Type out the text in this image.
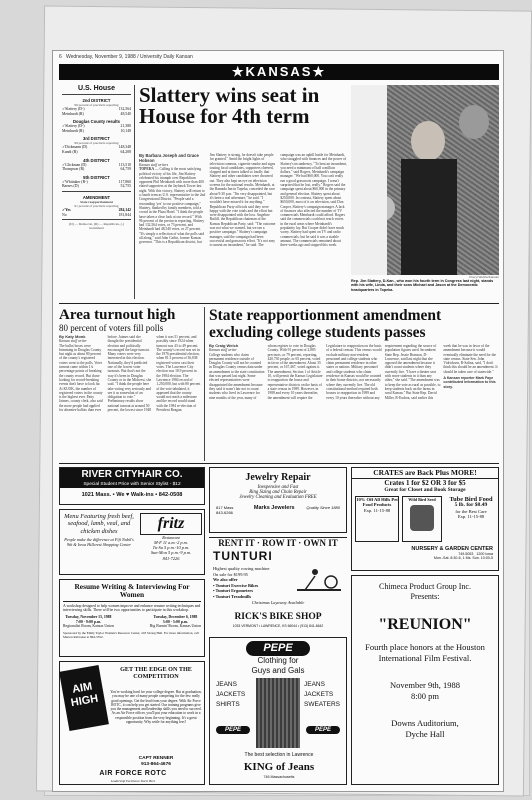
6 Wednesday, November 9, 1988 / University Daily Kansan
★KANSAS★
U.S. House
2nd DISTRICT
96 percent of precincts reporting
✓Slattery (D-)	132,564
Meinhardt (R)	48,540
Douglas County results
✓Slattery (D-)	21,380
Meinhardt (R)	10,148
3rd DISTRICT
99 percent of precincts reporting
✓Dickmann (D)	148,348
Kundt (R)	64,208
4th DISTRICT
✓Glickman (D)	113,510
Thompson (R)	64,759
5th DISTRICT
✓Whittaker (R-)	117,860
Barnes (D)	52,755
AMENDMENT
State reapportionment
91 percent of precincts reporting
✓Yes	284,142
No	181,844
(D) — Democrat, (R) — Republican, (-) incumbent
Slattery wins seat in House for 4th term
By Barbara Joseph and Grace Hobson
Kansan staff writers
TOPEKA — Calling it the most satisfying political victory of his life, Jim Slattery celebrated his triumph over Republican opponent Phil Meinhardt with more than 400 elated supporters at the Jayhawk Tower last night. With this victory, Slattery will return to a fourth term as U.S. representative to the 2nd Congressional District. "People said a resounding 'yes' to our positive campaign," Slattery, flanked by family members, told a crowd in the Plaza Hotel. "I think the people have taken a clear look at our record." With 96 percent of the precincts reporting, Slattery had 132,564 votes, or 73 percent, and Meinhardt had 48,540 votes, or 27 percent. "It's simply a reflection of what the polls said all along," said John Carlin, former Kansas governor. "This is a Republican district, but Jim Slattery is strong, he doesn't take people for granted." Amid the bright lights of television cameras, cigarette smoke and signs touting local candidates, supporters cheered, clapped and at times talked so loudly that Slattery and other candidates were drowned out. They also kept an eye on television screens for the national results. Meinhardt, at the Ramada Inn in Topeka, conceded the race about 9:30 p.m. "I'm very disappointed, but it's been a real adventure," he said. "I wouldn't have missed it for anything." Republican Party officials said they were happy with the vote totals and the effort but were disappointed with the loss. Angeline Ratliff, the Republican chairman of the Kansas Republican Party, said: "The outcome was not what we wanted, but we ran a positive campaign." Slattery's campaign manager, said the campaign had been successful and grassroots effort. "It's not easy to unseat an incumbent," he said. The campaign was an uphill battle for Meinhardt, who struggled with finances and the power of Slattery's incumbency. "To beat an incumbent, you need a minimum of half a million dollars," said Rogers, Meinhardt's campaign manager. "We had $60,000. You can't really run a good grassroots campaign. I wasn't surprised that he lost, really." Rogers said the campaign spent about $60,000 in the primary and general election. Slattery spent about $250,000. In contrast, Slattery spent about $650,000, most of it on television, said Don Cooper, Slattery's campaign manager. A lack of finances also affected the number of TV commercials Meinhardt could afford. Rogers said the commercials could not reach voters in the rural areas where Meinhardt's popularity lay. But Cooper didn't have much worry. Slattery had spent on TV and radio commercials, but he said it was a sizable amount. The commercials remained about three weeks ago and stopped this week.
Cheryl Wehrle/Kansan
Rep. Jim Slattery, D-Kan., who won his fourth term in Congress last night, stands with his wife, Linda, and their sons Michael and Jason at the Democratic headquarters in Topeka.
Area turnout high
80 percent of voters fill polls
By Katy Monk
Kansan staff writer
The ballot boxes were brimming in Douglas County last night as about 80 percent of the county's registered voters went to the polls. Voter turnout came within 1¼ percentage points of breaking the county record. But those looking for record-breaking events don't have to look far. At KUOK, the number of registered voters in the county is the highest ever. Patty Jaimes, county clerk, also said the more people had applied for absentee ballots than ever before. Jaimes said she thought the presidential election and politically encouraged the large turnout. Many voters were very interested in this election. Nationally, they'd predicted one of the lowest voter turnouts. But that's not the way it's been in Douglas County or in the Midwest, she said. "I think the people here take voting very seriously and see it as somewhat of an obligation to vote." Preliminary results show national turnout at around 50 percent, the lowest since 1948 when it was 51 percent, and possibly since 1924 when turnout was 43 to 49 percent. The county's record was set in the 1976 presidential election, when 81.3 percent of 36,838 registered voters cast their votes. The Lawrence City election was 18.9 percent in the 1984 election. The Lawrence 1984 record of 1,250,000, but with 80 percent of the vote tabulated, it appeared that the county would not reach a milestone and the record would stand with the 1984 re-election of President Reagan.
State reapportionment amendment excluding college students passes
By Craig Welch
Kansan staff writer
College students who claim permanent residence outside of Douglas County will not be counted in Douglas County census data under an amendment to the state constitution that was passed last night. Some elected representatives were disappointed the amendment because they said it wasn't fair not to count students who lived in Lawrence for nine months of the year, many of whom register to vote in Douglas County. With 91 percent of 2,885 precincts, or 79 percent, reporting, 420,730 people, or 65 percent, voted in favor of the amendment. About 35 percent, or 167,467, voted against it. The amendment, Section 1 of Article 10, will permit the Kansas Legislature to reapportion the house and representative districts on the basis of a state census in 1989. However, in 1988 and every 10 years thereafter, the amendment will require the Legislature to reapportion on the basis of a federal census. This census would exclude military non-resident personnel and college students who claim permanent residence in other states or nations. Military personnel and college students who claim residence in Kansas would be counted in their home districts, not necessarily where they currently live. The old constitutional method required both houses to reapportion in 1989 and every 10 years thereafter without any requirement regarding the source of population figures used. Incumbent State Rep. Jessie Branson, D-Lawrence, said last night that she opposed the amendment because it didn't count students where they currently live. "I have a theater seat with more students in it than any other," she said. "The amendment was to keep the vote as rural as possible, to keep students back on the farms in rural Kansas." But State Rep. David Miller, R-Eudora, said earlier this week that he was in favor of the amendment because it would eventually eliminate the need for the state census. State Sen. John Vidricksen, R-Salina, said, "I don't think this should be an amendment. It should be taken care of statewide."
A Kansan reporter Mark Faye contributed information to this story.
RIVER CITYHAIR CO.
Special Student Price with Senior Stylist - $12
1021 Mass. • We ♥ Walk-ins • 842-0508
Menu Featuring fresh beef, seafood, lamb, veal, and chicken dishes
People make the difference at Fifi Nabil's 9th & Iowa Hillcrest Shopping Center
fritz
Restaurant
M-F 11 a.m.-2 p.m.
Tu-Sa 5 p.m.-10 p.m.
Sun-Mon 5 p.m.-9 p.m.
841-7226
Jewelry Repair
Inexpensive and Fast
Ring Sizing and Chain Repair
Jewelry Cleaning and Evaluation FREE
817 Mass 843-6266
Marks Jewelers	Quality Since 1880
CRATES are Back Plus MORE!
Crates 1 for $2 OR 3 for $5
Great for Closet and Book Storage
10% Off All Hills Pet Food Products
Exp. 11-15-88
Wild Bird Seed	Tube Bird Food
5 lb. for $8.49
for the Best Care
Exp. 11-15-88
NURSERY & GARDEN CENTER
749-5053 1200 Iowa
Mon.-Sat. 8:30-6, 1 Ms. Sun. 10:00-5
RENT IT · ROW IT · OWN IT
TUNTURI
Highest quality rowing machine
On sale for $199.95
We also offer
• Tunturi Exercise Bikes
• Tunturi Ergometers
• Tunturi Treadmills
Christmas Layaway Available
RICK'S BIKE SHOP
1033 VERMONT • LAWRENCE, KS 66044 • (913) 841-6642
Resume Writing & Interviewing For Women
A workshop designed to help women improve and enhance resume writing techniques and interviewing skills. There will be two opportunities to participate in this workshop.
Tuesday, November 15, 1988
7:00 - 9:00 p.m.
Regionalist Room, Kansas Union
Tuesday, December 6, 1988
3:00 - 5:00 p.m.
Big Burnin' Room, Kansas Union
Sponsored by the Emily Taylor Women's Resource Center, 218 Strong Hall. For more information, call Marion Rebronse at 864-3552.
Chimeca Product Group Inc.
Presents:
"REUNION"
Fourth place honors at the Houston International Film Festival.
November 9th, 1988
8:00 pm
Downs Auditorium,
Dyche Hall
PEPE
Clothing for
Guys and Gals
JEANS
JACKETS
SHIRTS
JEANS
JACKETS
SWEATERS
PEPE	PEPE
The best selection in Lawrence
KING of Jeans
746 Massachusetts
AIM HIGH
GET THE EDGE ON THE COMPETITION
You're working hard for your college degree. But at graduation, you may be one of many people competing for the few really good openings. Get the lead from your degree. With Air Force ROTC, it can help you get started. Our training programs give you the management and leadership skills you need to succeed. As an Air Force officer, you'll put your education to work in a responsible position from the very beginning. It's a great opportunity. Why settle for anything less?
CAPT RENNER
913-864-4676
AIR FORCE ROTC
Leadership Excellence Starts Here
